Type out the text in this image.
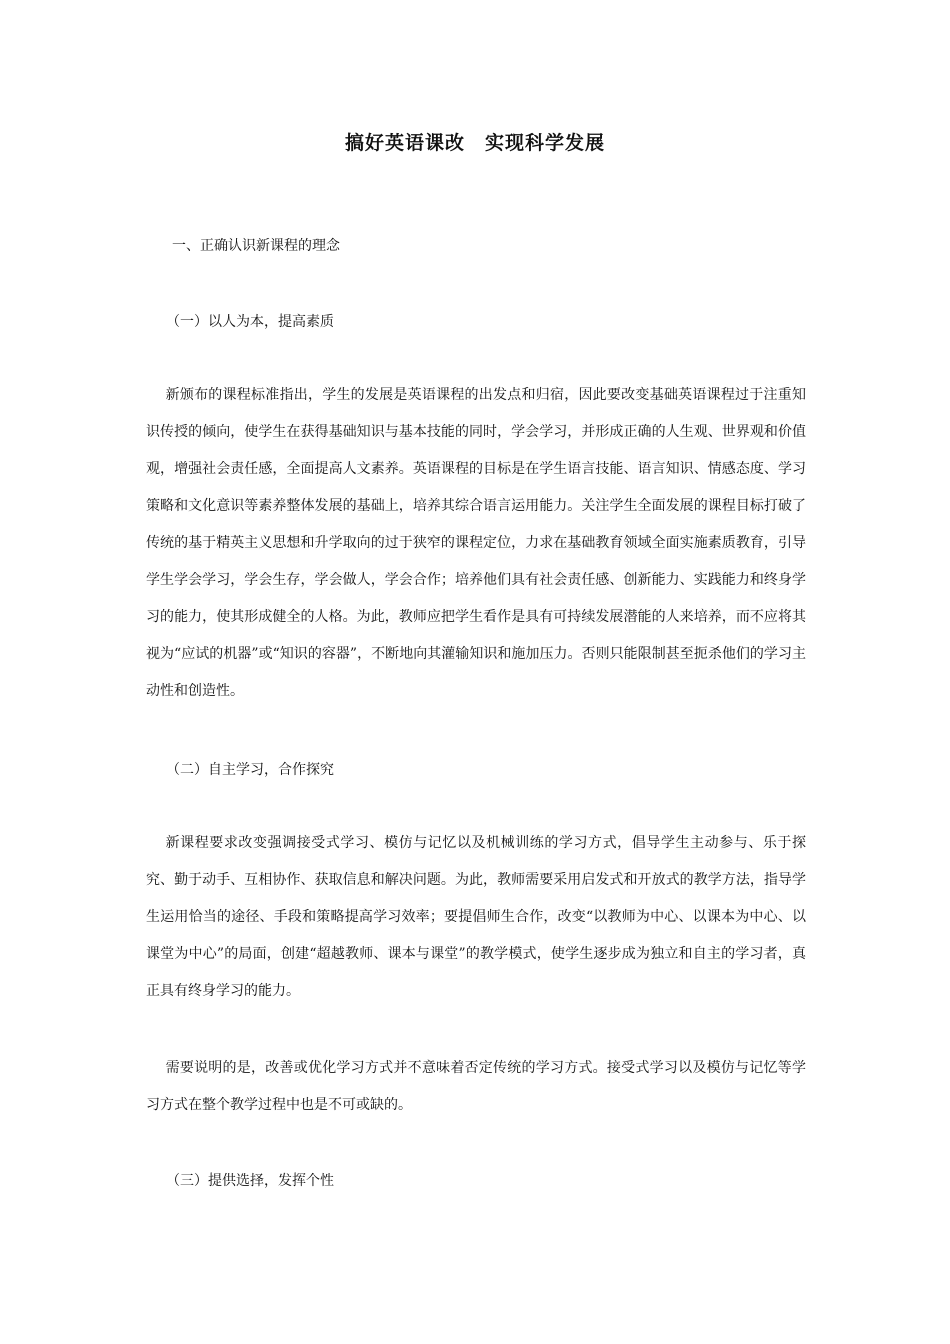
搞好英语课改　实现科学发展
一、正确认识新课程的理念
（一）以人为本，提高素质

新颁布的课程标准指出，学生的发展是英语课程的出发点和归宿，因此要改变基础英语课程过于注重知识传授的倾向，使学生在获得基础知识与基本技能的同时，学会学习，并形成正确的人生观、世界观和价值观，增强社会责任感，全面提高人文素养。英语课程的目标是在学生语言技能、语言知识、情感态度、学习策略和文化意识等素养整体发展的基础上，培养其综合语言运用能力。关注学生全面发展的课程目标打破了传统的基于精英主义思想和升学取向的过于狭窄的课程定位，力求在基础教育领域全面实施素质教育，引导学生学会学习，学会生存，学会做人，学会合作；培养他们具有社会责任感、创新能力、实践能力和终身学习的能力，使其形成健全的人格。为此，教师应把学生看作是具有可持续发展潜能的人来培养，而不应将其视为“应试的机器”或“知识的容器”，不断地向其灌输知识和施加压力。否则只能限制甚至扼杀他们的学习主动性和创造性。

（二）自主学习，合作探究

新课程要求改变强调接受式学习、模仿与记忆以及机械训练的学习方式，倡导学生主动参与、乐于探究、勤于动手、互相协作、获取信息和解决问题。为此，教师需要采用启发式和开放式的教学方法，指导学生运用恰当的途径、手段和策略提高学习效率；要提倡师生合作，改变“以教师为中心、以课本为中心、以课堂为中心”的局面，创建“超越教师、课本与课堂”的教学模式，使学生逐步成为独立和自主的学习者，真正具有终身学习的能力。

需要说明的是，改善或优化学习方式并不意味着否定传统的学习方式。接受式学习以及模仿与记忆等学习方式在整个教学过程中也是不可或缺的。

（三）提供选择，发挥个性
